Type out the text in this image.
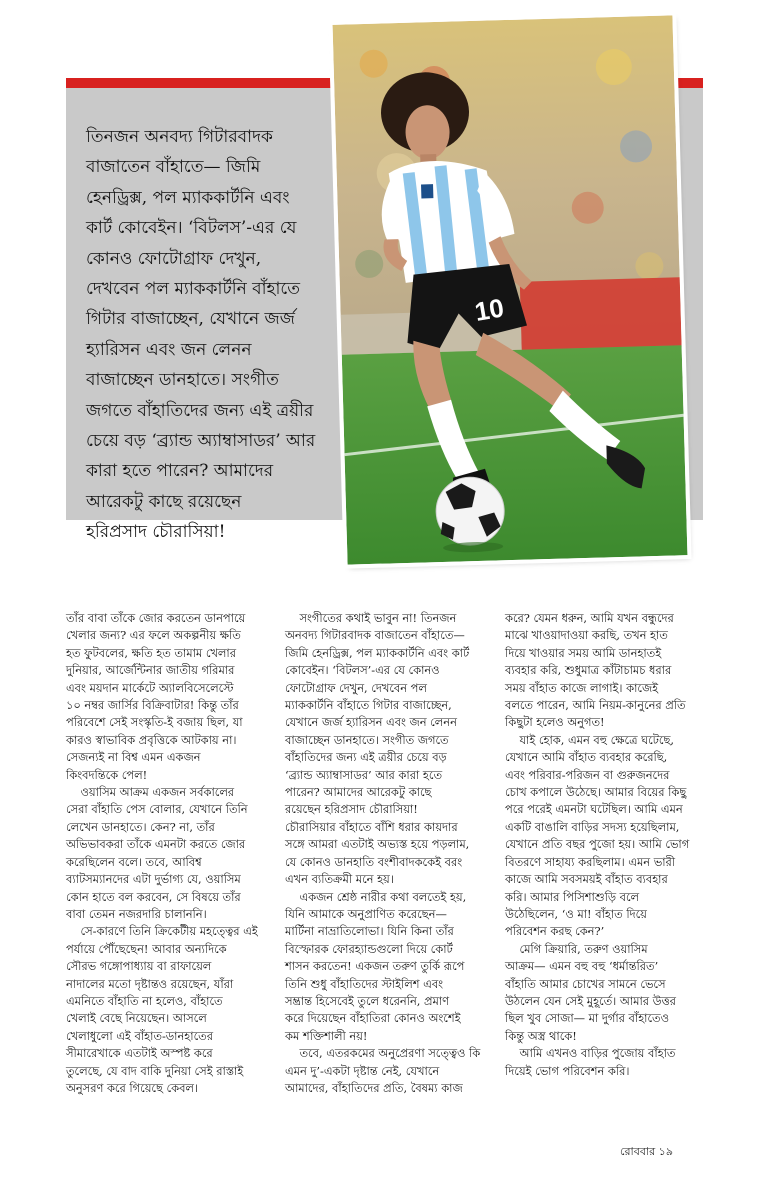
তিনজন অনবদ্য গিটারবাদক
বাজাতেন বাঁহাতে— জিমি
হেনড্রিক্স, পল ম্যাককার্টনি এবং
কার্ট কোবেইন। ‘বিটলস’-এর যে
কোনও ফোটোগ্রাফ দেখুন,
দেখবেন পল ম্যাককার্টনি বাঁহাতে
গিটার বাজাচ্ছেন, যেখানে জর্জ
হ্যারিসন এবং জন লেনন
বাজাচ্ছেন ডানহাতে। সংগীত
জগতে বাঁহাতিদের জন্য এই ত্রয়ীর
চেয়ে বড় ‘ব্র্যান্ড অ্যাম্বাসাডর’ আর
কারা হতে পারেন? আমাদের
আরেকটু কাছে রয়েছেন
হরিপ্রসাদ চৌরাসিয়া!

10
তাঁর বাবা তাঁকে জোর করতেন ডানপায়ে
খেলার জন্য? এর ফলে অকল্পনীয় ক্ষতি
হত ফুটবলের, ক্ষতি হত তামাম খেলার
দুনিয়ার, আর্জেন্টিনার জাতীয় গরিমার
এবং ময়দান মার্কেটে অ্যালবিসেলেস্টে
১০ নম্বর জার্সির বিক্রিবাটার! কিন্তু তাঁর
পরিবেশে সেই সংস্কৃতি-ই বজায় ছিল, যা
কারও স্বাভাবিক প্রবৃত্তিকে আটকায় না।
সেজন্যই না বিশ্ব এমন একজন
কিংবদন্তিকে পেল!
ওয়াসিম আক্রম একজন সর্বকালের
সেরা বাঁহাতি পেস বোলার, যেখানে তিনি
লেখেন ডানহাতে। কেন? না, তাঁর
অভিভাবকরা তাঁকে এমনটা করতে জোর
করেছিলেন বলে। তবে, আবিশ্ব
ব্যাটসম্যানদের এটা দুর্ভাগ্য যে, ওয়াসিম
কোন হাতে বল করবেন, সে বিষয়ে তাঁর
বাবা তেমন নজরদারি চালাননি।
সে-কারণে তিনি ক্রিকেটীয় মহত্ত্বের এই
পর্যায়ে পৌঁছেছেন! আবার অন্যদিকে
সৌরভ গঙ্গোপাধ্যায় বা রাফায়েল
নাদালের মতো দৃষ্টান্তও রয়েছেন, যাঁরা
এমনিতে বাঁহাতি না হলেও, বাঁহাতে
খেলাই বেছে নিয়েছেন। আসলে
খেলাধুলো এই বাঁহাত-ডানহাতের
সীমারেখাকে এতটাই অস্পষ্ট করে
তুলেছে, যে বাদ বাকি দুনিয়া সেই রাস্তাই
অনুসরণ করে গিয়েছে কেবল।
সংগীতের কথাই ভাবুন না! তিনজন
অনবদ্য গিটারবাদক বাজাতেন বাঁহাতে—
জিমি হেনড্রিক্স, পল ম্যাককার্টনি এবং কার্ট
কোবেইন। ‘বিটলস’-এর যে কোনও
ফোটোগ্রাফ দেখুন, দেখবেন পল
ম্যাককার্টনি বাঁহাতে গিটার বাজাচ্ছেন,
যেখানে জর্জ হ্যারিসন এবং জন লেনন
বাজাচ্ছেন ডানহাতে। সংগীত জগতে
বাঁহাতিদের জন্য এই ত্রয়ীর চেয়ে বড়
‘ব্র্যান্ড অ্যাম্বাসাডর’ আর কারা হতে
পারেন? আমাদের আরেকটু কাছে
রয়েছেন হরিপ্রসাদ চৌরাসিয়া!
চৌরাসিয়ার বাঁহাতে বাঁশি ধরার কায়দার
সঙ্গে আমরা এতটাই অভ্যস্ত হয়ে পড়লাম,
যে কোনও ডানহাতি বংশীবাদককেই বরং
এখন ব্যতিক্রমী মনে হয়।
একজন শ্রেষ্ঠ নারীর কথা বলতেই হয়,
যিনি আমাকে অনুপ্রাণিত করেছেন—
মার্টিনা নাভ্রাতিলোভা। যিনি কিনা তাঁর
বিস্ফোরক ফোরহ্যান্ডগুলো দিয়ে কোর্ট
শাসন করতেন! একজন তরুণ তুর্কি রূপে
তিনি শুধু বাঁহাতিদের স্টাইলিশ এবং
সম্ভ্রান্ত হিসেবেই তুলে ধরেননি, প্রমাণ
করে দিয়েছেন বাঁহাতিরা কোনও অংশেই
কম শক্তিশালী নয়!
তবে, এতরকমের অনুপ্রেরণা সত্ত্বেও কি
এমন দু’-একটা দৃষ্টান্ত নেই, যেখানে
আমাদের, বাঁহাতিদের প্রতি, বৈষম্য কাজ
করে? যেমন ধরুন, আমি যখন বন্ধুদের
মাঝে খাওয়াদাওয়া করছি, তখন হাত
দিয়ে খাওয়ার সময় আমি ডানহাতই
ব্যবহার করি, শুধুমাত্র কাঁটাচামচ ধরার
সময় বাঁহাত কাজে লাগাই। কাজেই
বলতে পারেন, আমি নিয়ম-কানুনের প্রতি
কিছুটা হলেও অনুগত!
যাই হোক, এমন বহু ক্ষেত্রে ঘটেছে,
যেখানে আমি বাঁহাত ব্যবহার করেছি,
এবং পরিবার-পরিজন বা গুরুজনদের
চোখ কপালে উঠেছে। আমার বিয়ের কিছু
পরে পরেই এমনটা ঘটেছিল। আমি এমন
একটি বাঙালি বাড়ির সদস্য হয়েছিলাম,
যেখানে প্রতি বছর পুজো হয়। আমি ভোগ
বিতরণে সাহায্য করছিলাম। এমন ভারী
কাজে আমি সবসময়ই বাঁহাত ব্যবহার
করি। আমার পিসিশাশুড়ি বলে
উঠেছিলেন, ‘ও মা! বাঁহাত দিয়ে
পরিবেশন করছ কেন?’
মেগি ক্রিয়ারি, তরুণ ওয়াসিম
আক্রম— এমন বহু বহু ‘ধর্মান্তরিত’
বাঁহাতি আমার চোখের সামনে ভেসে
উঠলেন যেন সেই মুহূর্তে। আমার উত্তর
ছিল খুব সোজা— মা দুর্গার বাঁহাতেও
কিন্তু অস্ত্র থাকে!
আমি এখনও বাড়ির পুজোয় বাঁহাত
দিয়েই ভোগ পরিবেশন করি।
রোববার ১৯
